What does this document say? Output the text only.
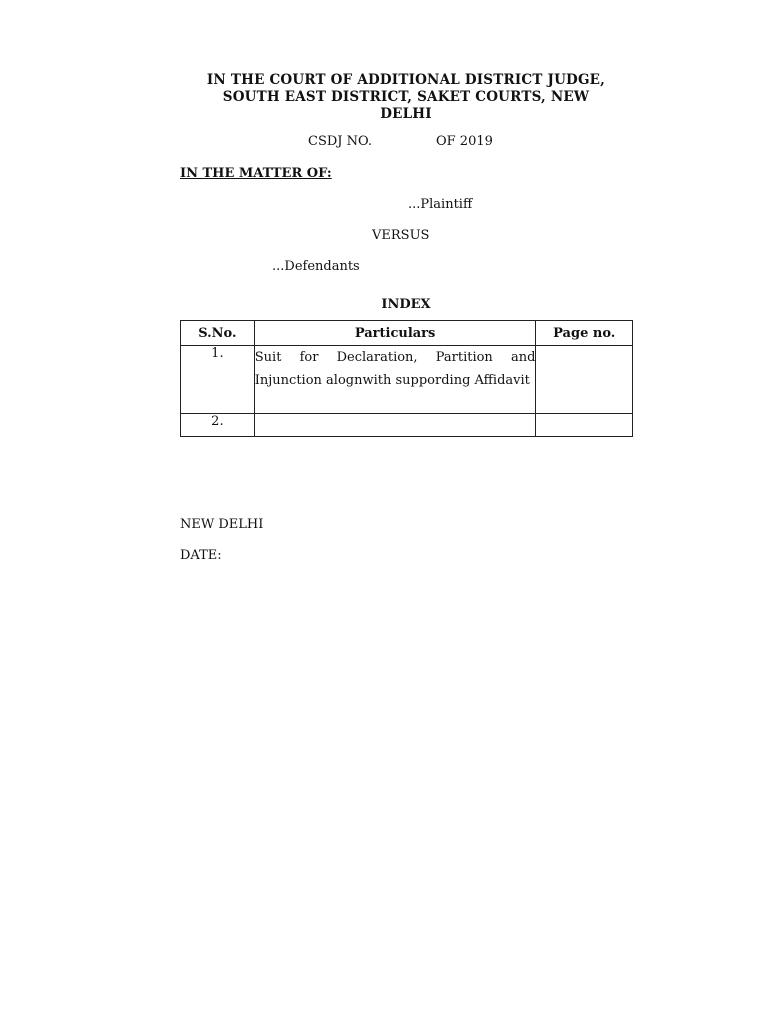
IN THE COURT OF ADDITIONAL DISTRICT JUDGE,
SOUTH EAST DISTRICT, SAKET COURTS, NEW
DELHI
CSDJ NO.	OF 2019
IN THE MATTER OF:
...Plaintiff
VERSUS
...Defendants
INDEX
S.No.	Particulars	Page no.
1.	Suit for Declaration, Partition and Injunction alognwith suppording Affidavit	
2.		
NEW DELHI
DATE:
